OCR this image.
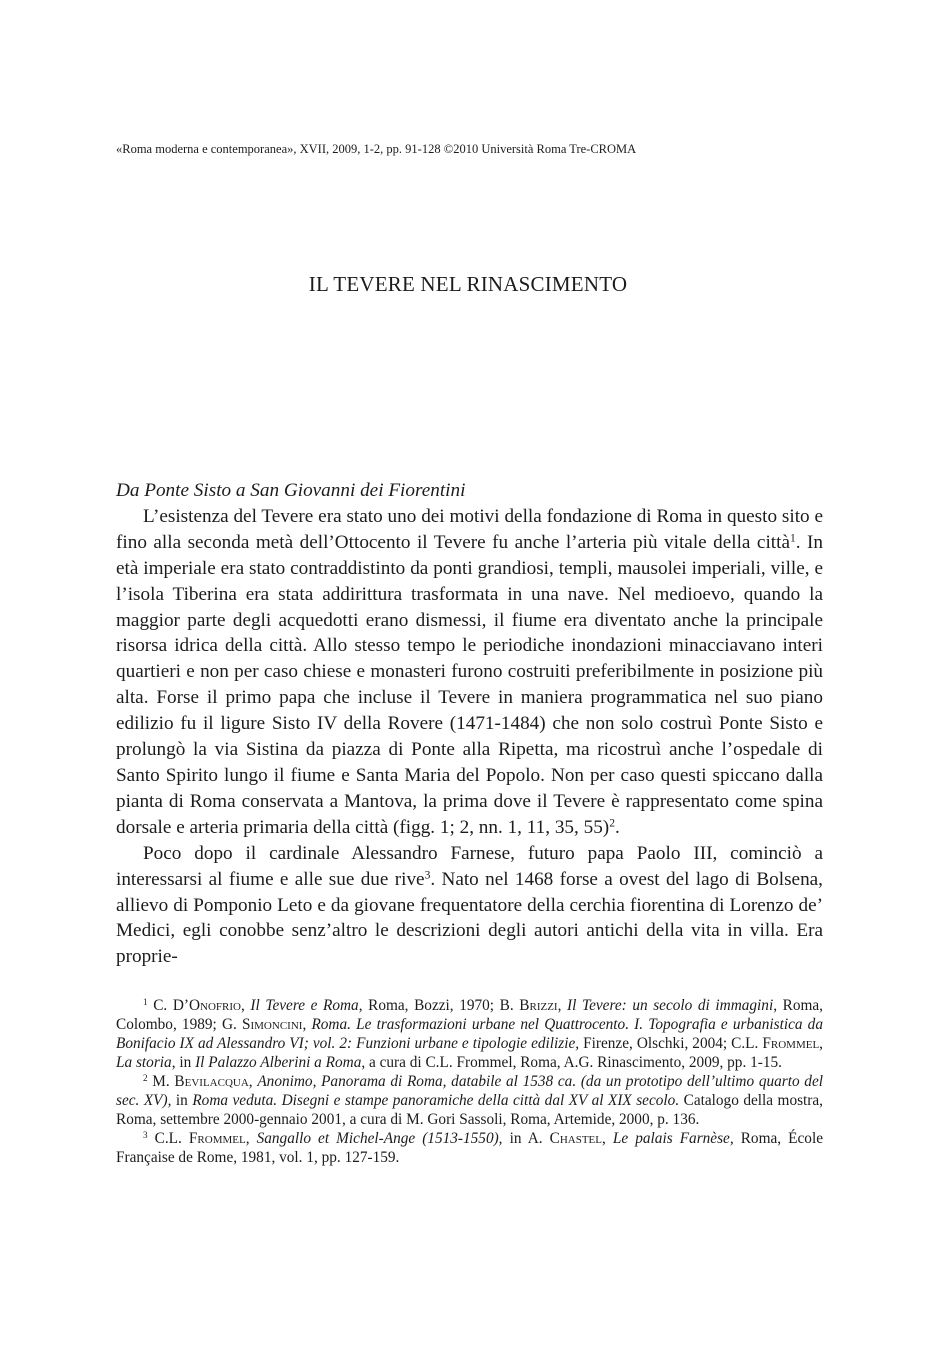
«Roma moderna e contemporanea», XVII, 2009, 1-2, pp. 91-128 ©2010 Università Roma Tre-CROMA
IL TEVERE NEL RINASCIMENTO

Da Ponte Sisto a San Giovanni dei Fiorentini

L’esistenza del Tevere era stato uno dei motivi della fondazione di Roma in questo sito e fino alla seconda metà dell’Ottocento il Tevere fu anche l’arteria più vitale della città$^1$. In età imperiale era stato contraddistinto da ponti grandiosi, templi, mausolei imperiali, ville, e l’isola Tiberina era stata addirittura trasformata in una nave. Nel medioevo, quando la maggior parte degli acquedotti erano dismessi, il fiume era diventato anche la principale risorsa idrica della città. Allo stesso tempo le periodiche inondazioni minacciavano interi quartieri e non per caso chiese e monasteri furono costruiti preferibilmente in posizione più alta. Forse il primo papa che incluse il Tevere in maniera programmatica nel suo piano edilizio fu il ligure Sisto IV della Rovere (1471-1484) che non solo costruì Ponte Sisto e prolungò la via Sistina da piazza di Ponte alla Ripetta, ma ricostruì anche l’ospedale di Santo Spirito lungo il fiume e Santa Maria del Popolo. Non per caso questi spiccano dalla pianta di Roma conservata a Mantova, la prima dove il Tevere è rappresentato come spina dorsale e arteria primaria della città (figg. 1; 2, nn. 1, 11, 35, 55)$^2$.

Poco dopo il cardinale Alessandro Farnese, futuro papa Paolo III, cominciò a interessarsi al fiume e alle sue due rive$^3$. Nato nel 1468 forse a ovest del lago di Bolsena, allievo di Pomponio Leto e da giovane frequentatore della cerchia fiorentina di Lorenzo de’ Medici, egli conobbe senz’altro le descrizioni degli autori antichi della vita in villa. Era proprie-

$^1$ C. D’Onofrio, Il Tevere e Roma, Roma, Bozzi, 1970; B. Brizzi, Il Tevere: un secolo di immagini, Roma, Colombo, 1989; G. Simoncini, Roma. Le trasformazioni urbane nel Quattrocento. I. Topografia e urbanistica da Bonifacio IX ad Alessandro VI; vol. 2: Funzioni urbane e tipologie edilizie, Firenze, Olschki, 2004; C.L. Frommel, La storia, in Il Palazzo Alberini a Roma, a cura di C.L. Frommel, Roma, A.G. Rinascimento, 2009, pp. 1-15.

$^2$ M. Bevilacqua, Anonimo, Panorama di Roma, databile al 1538 ca. (da un prototipo dell’ultimo quarto del sec. XV), in Roma veduta. Disegni e stampe panoramiche della città dal XV al XIX secolo. Catalogo della mostra, Roma, settembre 2000-gennaio 2001, a cura di M. Gori Sassoli, Roma, Artemide, 2000, p. 136.

$^3$ C.L. Frommel, Sangallo et Michel-Ange (1513-1550), in A. Chastel, Le palais Farnèse, Roma, École Française de Rome, 1981, vol. 1, pp. 127-159.
